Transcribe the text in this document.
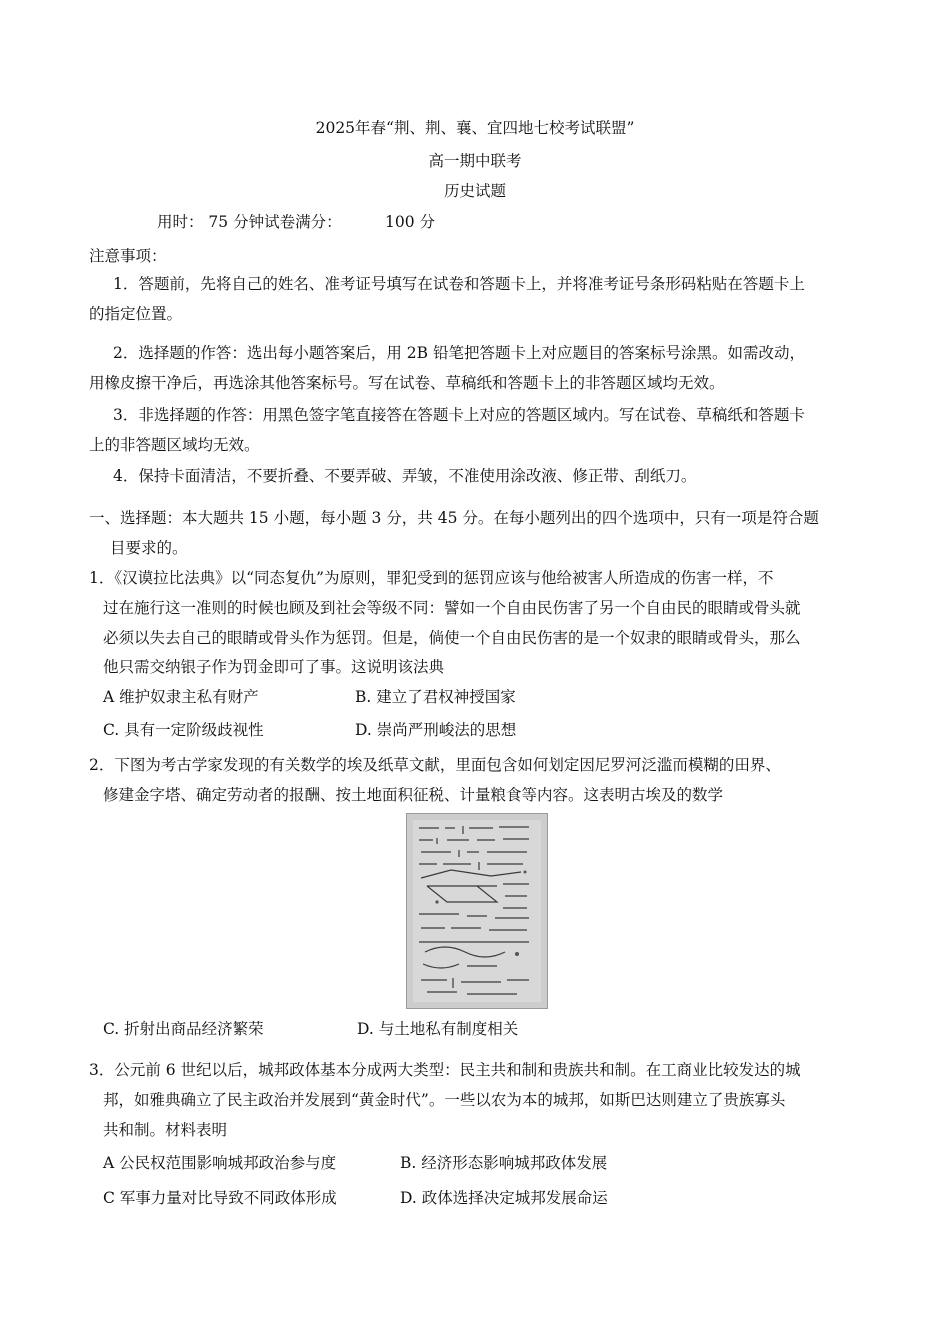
2025年春“荆、荆、襄、宜四地七校考试联盟”
高一期中联考
历史试题
用时： 75 分钟试卷满分：	100 分
注意事项：
1．答题前，先将自己的姓名、准考证号填写在试卷和答题卡上，并将准考证号条形码粘贴在答题卡上
的指定位置。
2．选择题的作答：选出每小题答案后，用 2B 铅笔把答题卡上对应题目的答案标号涂黑。如需改动，
用橡皮擦干净后，再选涂其他答案标号。写在试卷、草稿纸和答题卡上的非答题区域均无效。
3．非选择题的作答：用黑色签字笔直接答在答题卡上对应的答题区域内。写在试卷、草稿纸和答题卡
上的非答题区域均无效。
4．保持卡面清洁，不要折叠、不要弄破、弄皱，不准使用涂改液、修正带、刮纸刀。
一、选择题：本大题共 15 小题，每小题 3 分，共 45 分。在每小题列出的四个选项中，只有一项是符合题
目要求的。
1．《汉谟拉比法典》以“同态复仇”为原则，罪犯受到的惩罚应该与他给被害人所造成的伤害一样，不
过在施行这一准则的时候也顾及到社会等级不同：譬如一个自由民伤害了另一个自由民的眼睛或骨头就
必须以失去自己的眼睛或骨头作为惩罚。但是，倘使一个自由民伤害的是一个奴隶的眼睛或骨头，那么
他只需交纳银子作为罚金即可了事。这说明该法典
A 维护奴隶主私有财产	B. 建立了君权神授国家
C. 具有一定阶级歧视性	D. 崇尚严刑峻法的思想
2．下图为考古学家发现的有关数学的埃及纸草文献，里面包含如何划定因尼罗河泛滥而模糊的田界、
修建金字塔、确定劳动者的报酬、按土地面积征税、计量粮食等内容。这表明古埃及的数学
C. 折射出商品经济繁荣	D. 与土地私有制度相关
3．公元前 6 世纪以后，城邦政体基本分成两大类型：民主共和制和贵族共和制。在工商业比较发达的城
邦，如雅典确立了民主政治并发展到“黄金时代”。一些以农为本的城邦，如斯巴达则建立了贵族寡头
共和制。材料表明
A 公民权范围影响城邦政治参与度	B. 经济形态影响城邦政体发展
C 军事力量对比导致不同政体形成	D. 政体选择决定城邦发展命运
